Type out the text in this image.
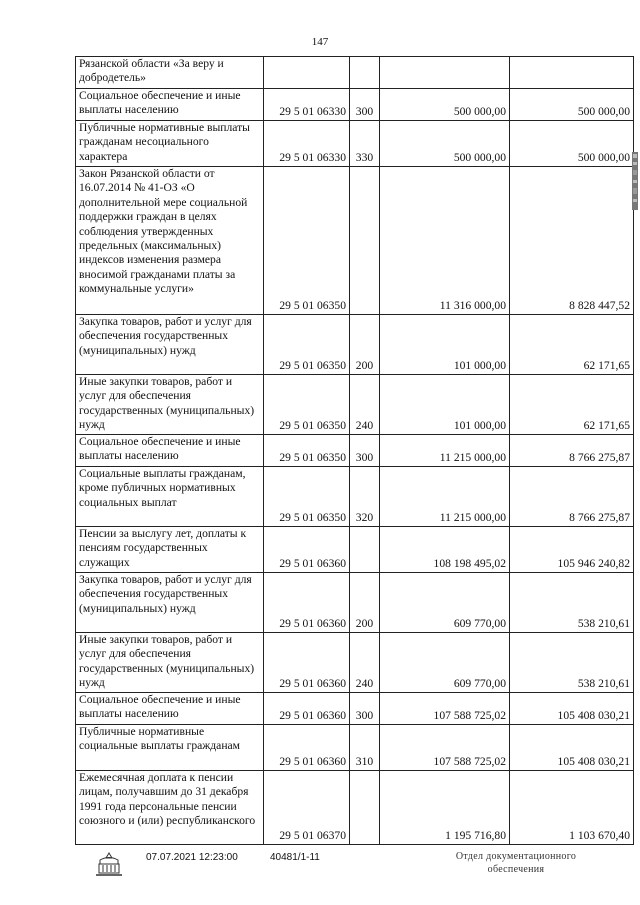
147
Рязанской области «За веру и добродетель»				
Социальное обеспечение и иные выплаты населению	29 5 01 06330	300	500 000,00	500 000,00
Публичные нормативные выплаты гражданам несоциального характера	29 5 01 06330	330	500 000,00	500 000,00
Закон Рязанской области от 16.07.2014 № 41-ОЗ «О дополнительной мере социальной поддержки граждан в целях соблюдения утвержденных предельных (максимальных) индексов изменения размера вносимой гражданами платы за коммунальные услуги»	29 5 01 06350		11 316 000,00	8 828 447,52
Закупка товаров, работ и услуг для обеспечения государственных (муниципальных) нужд	29 5 01 06350	200	101 000,00	62 171,65
Иные закупки товаров, работ и услуг для обеспечения государственных (муниципальных) нужд	29 5 01 06350	240	101 000,00	62 171,65
Социальное обеспечение и иные выплаты населению	29 5 01 06350	300	11 215 000,00	8 766 275,87
Социальные выплаты гражданам, кроме публичных нормативных социальных выплат	29 5 01 06350	320	11 215 000,00	8 766 275,87
Пенсии за выслугу лет, доплаты к пенсиям государственных служащих	29 5 01 06360		108 198 495,02	105 946 240,82
Закупка товаров, работ и услуг для обеспечения государственных (муниципальных) нужд	29 5 01 06360	200	609 770,00	538 210,61
Иные закупки товаров, работ и услуг для обеспечения государственных (муниципальных) нужд	29 5 01 06360	240	609 770,00	538 210,61
Социальное обеспечение и иные выплаты населению	29 5 01 06360	300	107 588 725,02	105 408 030,21
Публичные нормативные социальные выплаты гражданам	29 5 01 06360	310	107 588 725,02	105 408 030,21
Ежемесячная доплата к пенсии лицам, получавшим до 31 декабря 1991 года персональные пенсии союзного и (или) республиканского	29 5 01 06370		1 195 716,80	1 103 670,40
07.07.2021 12:23:00	40481/1-11	Отдел документационного
обеспечения
